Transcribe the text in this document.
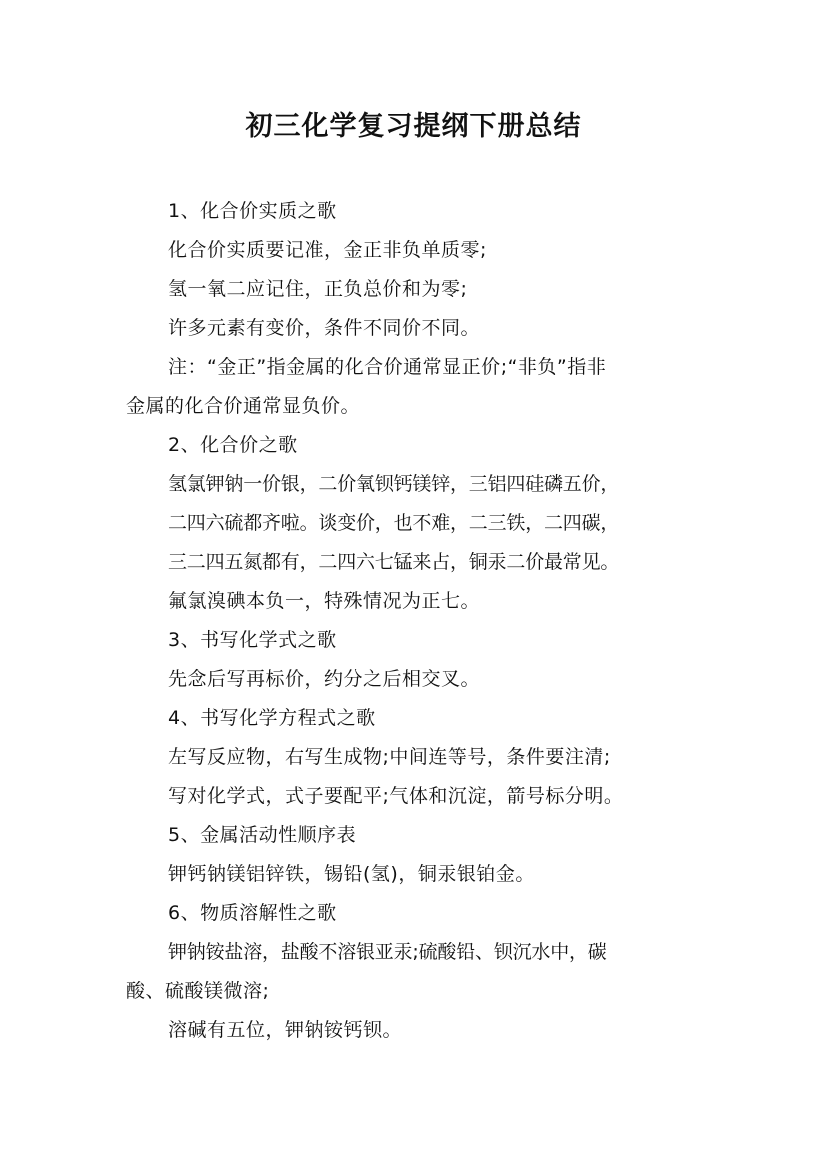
初三化学复习提纲下册总结
1、化合价实质之歌
化合价实质要记准，金正非负单质零;
氢一氧二应记住，正负总价和为零;
许多元素有变价，条件不同价不同。
注：“金正”指金属的化合价通常显正价;“非负”指非
金属的化合价通常显负价。
2、化合价之歌
氢氯钾钠一价银，二价氧钡钙镁锌，三铝四硅磷五价，
二四六硫都齐啦。谈变价，也不难，二三铁，二四碳，
三二四五氮都有，二四六七锰来占，铜汞二价最常见。
氟氯溴碘本负一，特殊情况为正七。
3、书写化学式之歌
先念后写再标价，约分之后相交叉。
4、书写化学方程式之歌
左写反应物，右写生成物;中间连等号，条件要注清;
写对化学式，式子要配平;气体和沉淀，箭号标分明。
5、金属活动性顺序表
钾钙钠镁铝锌铁，锡铅(氢)，铜汞银铂金。
6、物质溶解性之歌
钾钠铵盐溶，盐酸不溶银亚汞;硫酸铅、钡沉水中，碳
酸、硫酸镁微溶;
溶碱有五位，钾钠铵钙钡。
